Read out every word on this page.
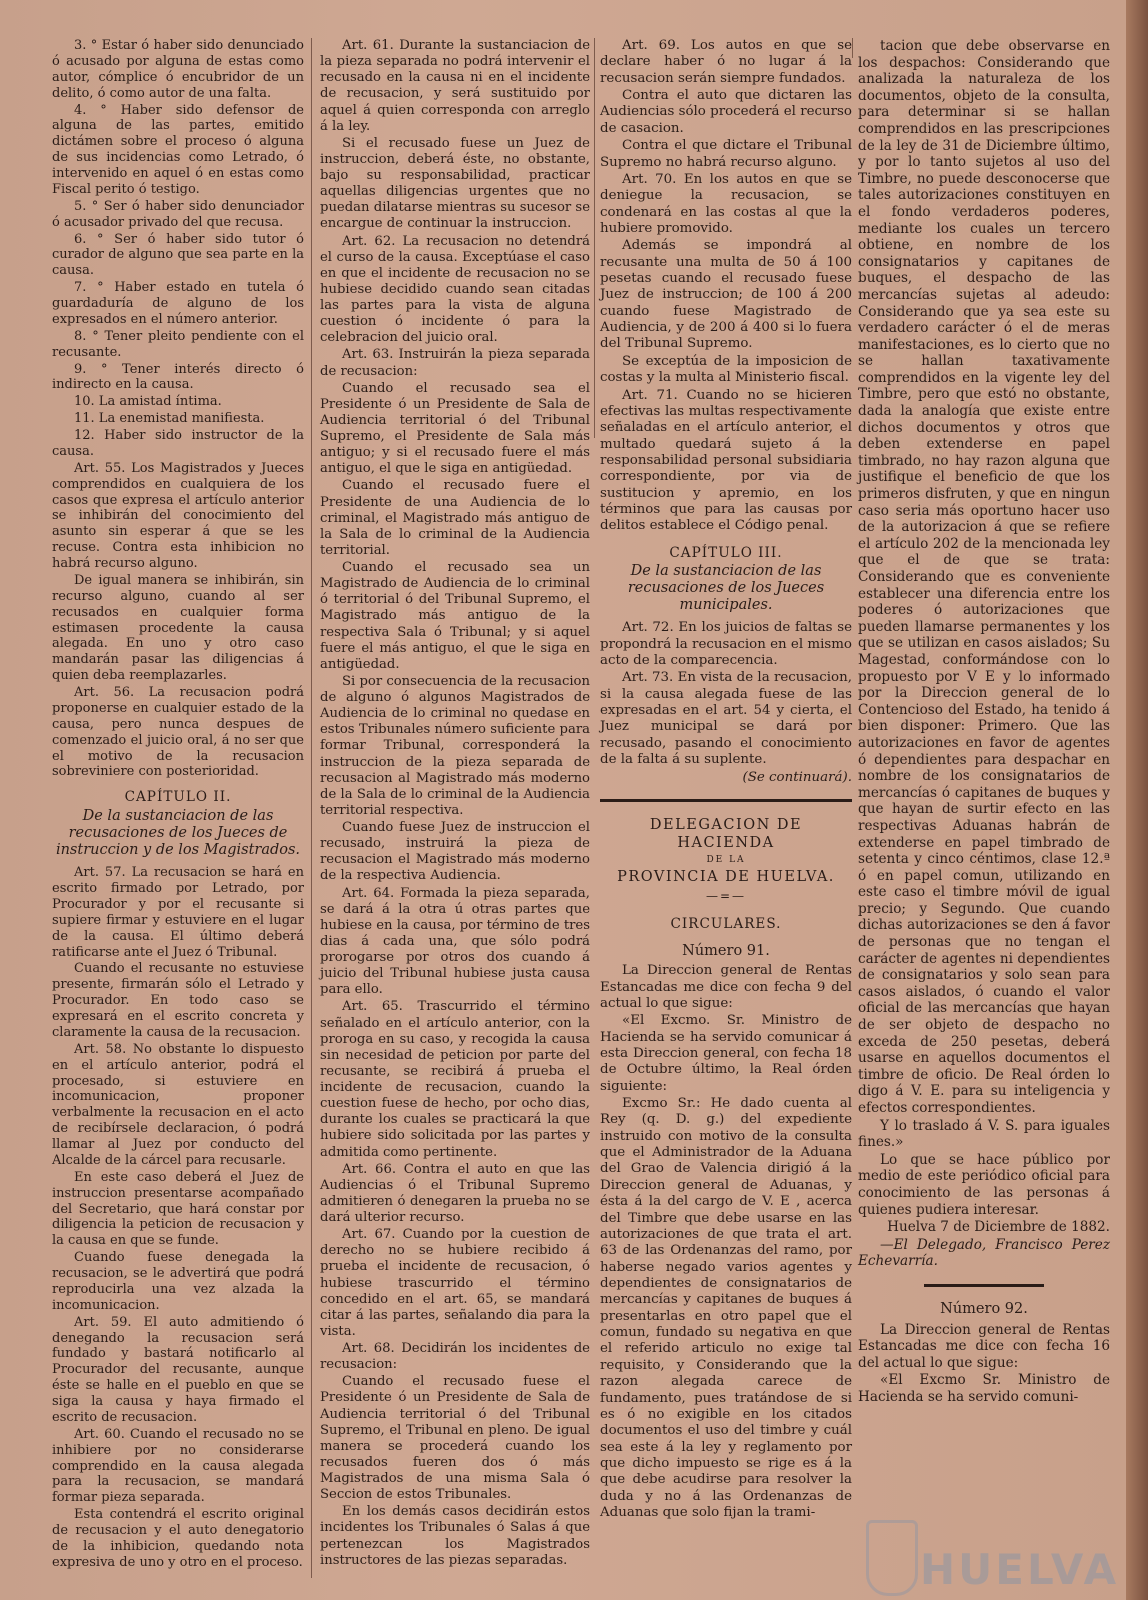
3. ° Estar ó haber sido denunciado ó acusado por alguna de estas como autor, cómplice ó encubridor de un delito, ó como autor de una falta.

4. ° Haber sido defensor de alguna de las partes, emitido dictámen sobre el proceso ó alguna de sus incidencias como Letrado, ó intervenido en aquel ó en estas como Fiscal perito ó testigo.

5. ° Ser ó haber sido denunciador ó acusador privado del que recusa.

6. ° Ser ó haber sido tutor ó curador de alguno que sea parte en la causa.

7. ° Haber estado en tutela ó guardaduría de alguno de los expresados en el número anterior.

8. ° Tener pleito pendiente con el recusante.

9. ° Tener interés directo ó indirecto en la causa.

10. La amistad íntima.

11. La enemistad manifiesta.

12. Haber sido instructor de la causa.

Art. 55. Los Magistrados y Jueces comprendidos en cualquiera de los casos que expresa el artículo anterior se inhibirán del conocimiento del asunto sin esperar á que se les recuse. Contra esta inhibicion no habrá recurso alguno.

De igual manera se inhibirán, sin recurso alguno, cuando al ser recusados en cualquier forma estimasen procedente la causa alegada. En uno y otro caso mandarán pasar las diligencias á quien deba reemplazarles.

Art. 56. La recusacion podrá proponerse en cualquier estado de la causa, pero nunca despues de comenzado el juicio oral, á no ser que el motivo de la recusacion sobreviniere con posterioridad.

CAPÍTULO II.
De la sustanciacion de las recusaciones de los Jueces de instruccion y de los Magistrados.

Art. 57. La recusacion se hará en escrito firmado por Letrado, por Procurador y por el recusante si supiere firmar y estuviere en el lugar de la causa. El último deberá ratificarse ante el Juez ó Tribunal.

Cuando el recusante no estuviese presente, firmarán sólo el Letrado y Procurador. En todo caso se expresará en el escrito concreta y claramente la causa de la recusacion.

Art. 58. No obstante lo dispuesto en el artículo anterior, podrá el procesado, si estuviere en incomunicacion, proponer verbalmente la recusacion en el acto de recibírsele declaracion, ó podrá llamar al Juez por conducto del Alcalde de la cárcel para recusarle.

En este caso deberá el Juez de instruccion presentarse acompañado del Secretario, que hará constar por diligencia la peticion de recusacion y la causa en que se funde.

Cuando fuese denegada la recusacion, se le advertirá que podrá reproducirla una vez alzada la incomunicacion.

Art. 59. El auto admitiendo ó denegando la recusacion será fundado y bastará notificarlo al Procurador del recusante, aunque éste se halle en el pueblo en que se siga la causa y haya firmado el escrito de recusacion.

Art. 60. Cuando el recusado no se inhibiere por no considerarse comprendido en la causa alegada para la recusacion, se mandará formar pieza separada.

Esta contendrá el escrito original de recusacion y el auto denegatorio de la inhibicion, quedando nota expresiva de uno y otro en el proceso.

Art. 61. Durante la sustanciacion de la pieza separada no podrá intervenir el recusado en la causa ni en el incidente de recusacion, y será sustituido por aquel á quien corresponda con arreglo á la ley.

Si el recusado fuese un Juez de instruccion, deberá éste, no obstante, bajo su responsabilidad, practicar aquellas diligencias urgentes que no puedan dilatarse mientras su sucesor se encargue de continuar la instruccion.

Art. 62. La recusacion no detendrá el curso de la causa. Exceptúase el caso en que el incidente de recusacion no se hubiese decidido cuando sean citadas las partes para la vista de alguna cuestion ó incidente ó para la celebracion del juicio oral.

Art. 63. Instruirán la pieza separada de recusacion:

Cuando el recusado sea el Presidente ó un Presidente de Sala de Audiencia territorial ó del Tribunal Supremo, el Presidente de Sala más antiguo; y si el recusado fuere el más antiguo, el que le siga en antigüedad.

Cuando el recusado fuere el Presidente de una Audiencia de lo criminal, el Magistrado más antiguo de la Sala de lo criminal de la Audiencia territorial.

Cuando el recusado sea un Magistrado de Audiencia de lo criminal ó territorial ó del Tribunal Supremo, el Magistrado más antiguo de la respectiva Sala ó Tribunal; y si aquel fuere el más antiguo, el que le siga en antigüedad.

Si por consecuencia de la recusacion de alguno ó algunos Magistrados de Audiencia de lo criminal no quedase en estos Tribunales número suficiente para formar Tribunal, corresponderá la instruccion de la pieza separada de recusacion al Magistrado más moderno de la Sala de lo criminal de la Audiencia territorial respectiva.

Cuando fuese Juez de instruccion el recusado, instruirá la pieza de recusacion el Magistrado más moderno de la respectiva Audiencia.

Art. 64. Formada la pieza separada, se dará á la otra ú otras partes que hubiese en la causa, por término de tres dias á cada una, que sólo podrá prorogarse por otros dos cuando á juicio del Tribunal hubiese justa causa para ello.

Art. 65. Trascurrido el término señalado en el artículo anterior, con la proroga en su caso, y recogida la causa sin necesidad de peticion por parte del recusante, se recibirá á prueba el incidente de recusacion, cuando la cuestion fuese de hecho, por ocho dias, durante los cuales se practicará la que hubiere sido solicitada por las partes y admitida como pertinente.

Art. 66. Contra el auto en que las Audiencias ó el Tribunal Supremo admitieren ó denegaren la prueba no se dará ulterior recurso.

Art. 67. Cuando por la cuestion de derecho no se hubiere recibido á prueba el incidente de recusacion, ó hubiese trascurrido el término concedido en el art. 65, se mandará citar á las partes, señalando dia para la vista.

Art. 68. Decidirán los incidentes de recusacion:

Cuando el recusado fuese el Presidente ó un Presidente de Sala de Audiencia territorial ó del Tribunal Supremo, el Tribunal en pleno. De igual manera se procederá cuando los recusados fueren dos ó más Magistrados de una misma Sala ó Seccion de estos Tribunales.

En los demás casos decidirán estos incidentes los Tribunales ó Salas á que pertenezcan los Magistrados instructores de las piezas separadas.

Art. 69. Los autos en que se declare haber ó no lugar á la recusacion serán siempre fundados.

Contra el auto que dictaren las Audiencias sólo procederá el recurso de casacion.

Contra el que dictare el Tribunal Supremo no habrá recurso alguno.

Art. 70. En los autos en que se deniegue la recusacion, se condenará en las costas al que la hubiere promovido.

Además se impondrá al recusante una multa de 50 á 100 pesetas cuando el recusado fuese Juez de instruccion; de 100 á 200 cuando fuese Magistrado de Audiencia, y de 200 á 400 si lo fuera del Tribunal Supremo.

Se exceptúa de la imposicion de costas y la multa al Ministerio fiscal.

Art. 71. Cuando no se hicieren efectivas las multas respectivamente señaladas en el artículo anterior, el multado quedará sujeto á la responsabilidad personal subsidiaria correspondiente, por via de sustitucion y apremio, en los términos que para las causas por delitos establece el Código penal.

CAPÍTULO III.
De la sustanciacion de las recusaciones de los Jueces municipales.

Art. 72. En los juicios de faltas se propondrá la recusacion en el mismo acto de la comparecencia.

Art. 73. En vista de la recusacion, si la causa alegada fuese de las expresadas en el art. 54 y cierta, el Juez municipal se dará por recusado, pasando el conocimiento de la falta á su suplente.

(Se continuará).
DELEGACION DE HACIENDA
DE LA
PROVINCIA DE HUELVA.
—=—
CIRCULARES.
Número 91.

La Direccion general de Rentas Estancadas me dice con fecha 9 del actual lo que sigue:

«El Excmo. Sr. Ministro de Hacienda se ha servido comunicar á esta Direccion general, con fecha 18 de Octubre último, la Real órden siguiente:

Excmo Sr.: He dado cuenta al Rey (q. D. g.) del expediente instruido con motivo de la consulta que el Administrador de la Aduana del Grao de Valencia dirigió á la Direccion general de Aduanas, y ésta á la del cargo de V. E , acerca del Timbre que debe usarse en las autorizaciones de que trata el art. 63 de las Ordenanzas del ramo, por haberse negado varios agentes y dependientes de consignatarios de mercancías y capitanes de buques á presentarlas en otro papel que el comun, fundado su negativa en que el referido articulo no exige tal requisito, y Considerando que la razon alegada carece de fundamento, pues tratándose de si es ó no exigible en los citados documentos el uso del timbre y cuál sea este á la ley y reglamento por que dicho impuesto se rige es á la que debe acudirse para resolver la duda y no á las Ordenanzas de Aduanas que solo fijan la trami-

tacion que debe observarse en los despachos: Considerando que analizada la naturaleza de los documentos, objeto de la consulta, para determinar si se hallan comprendidos en las prescripciones de la ley de 31 de Diciembre último, y por lo tanto sujetos al uso del Timbre, no puede desconocerse que tales autorizaciones constituyen en el fondo verdaderos poderes, mediante los cuales un tercero obtiene, en nombre de los consignatarios y capitanes de buques, el despacho de las mercancías sujetas al adeudo: Considerando que ya sea este su verdadero carácter ó el de meras manifestaciones, es lo cierto que no se hallan taxativamente comprendidos en la vigente ley del Timbre, pero que estó no obstante, dada la analogía que existe entre dichos documentos y otros que deben extenderse en papel timbrado, no hay razon alguna que justifique el beneficio de que los primeros disfruten, y que en ningun caso seria más oportuno hacer uso de la autorizacion á que se refiere el artículo 202 de la mencionada ley que el de que se trata: Considerando que es conveniente establecer una diferencia entre los poderes ó autorizaciones que pueden llamarse permanentes y los que se utilizan en casos aislados; Su Magestad, conformándose con lo propuesto por V E y lo informado por la Direccion general de lo Contencioso del Estado, ha tenido á bien disponer: Primero. Que las autorizaciones en favor de agentes ó dependientes para despachar en nombre de los consignatarios de mercancías ó capitanes de buques y que hayan de surtir efecto en las respectivas Aduanas habrán de extenderse en papel timbrado de setenta y cinco céntimos, clase 12.ª ó en papel comun, utilizando en este caso el timbre móvil de igual precio; y Segundo. Que cuando dichas autorizaciones se den á favor de personas que no tengan el carácter de agentes ni dependientes de consignatarios y solo sean para casos aislados, ó cuando el valor oficial de las mercancías que hayan de ser objeto de despacho no exceda de 250 pesetas, deberá usarse en aquellos documentos el timbre de oficio. De Real órden lo digo á V. E. para su inteligencia y efectos correspondientes.

Y lo traslado á V. S. para iguales fines.»

Lo que se hace público por medio de este periódico oficial para conocimiento de las personas á quienes pudiera interesar.

Huelva 7 de Diciembre de 1882.

—El Delegado, Francisco Perez Echevarría.

Número 92.

La Direccion general de Rentas Estancadas me dice con fecha 16 del actual lo que sigue:

«El Excmo Sr. Ministro de Hacienda se ha servido comuni-

HUELVA
